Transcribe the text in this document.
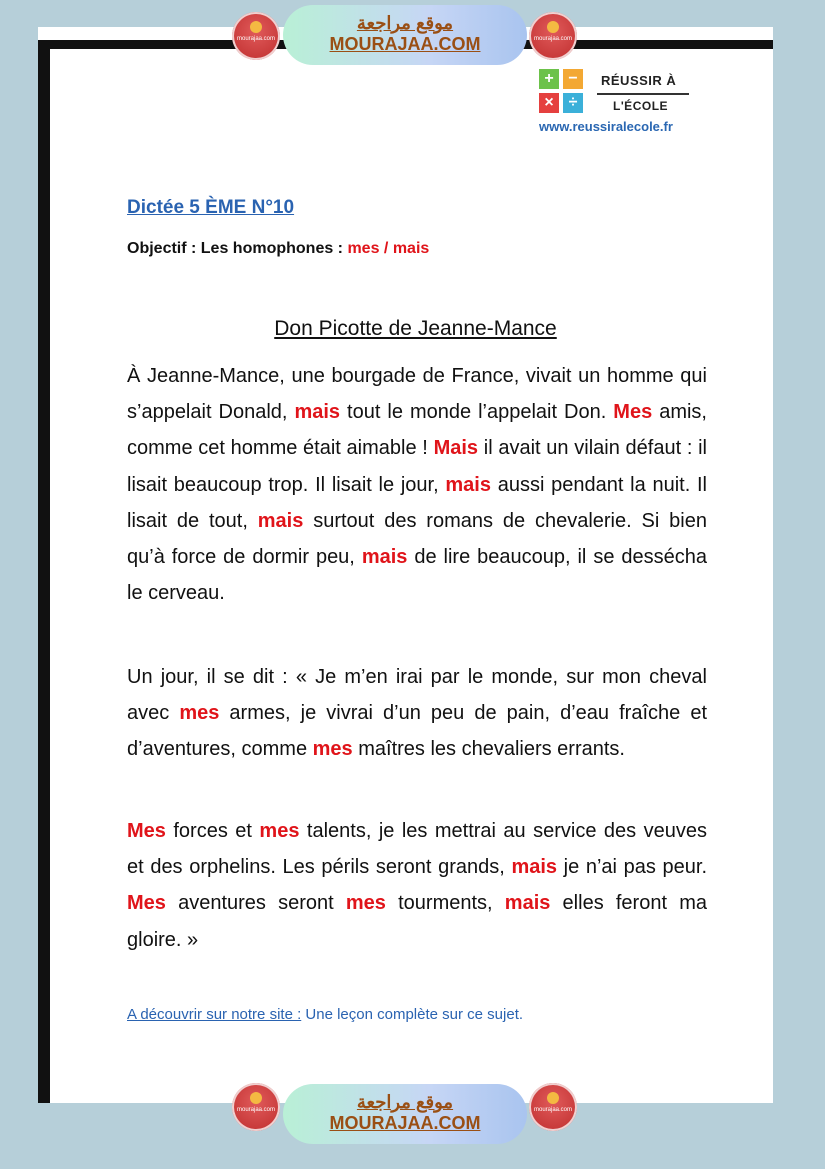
mourajaa.com
موقع مراجعة
MOURAJAA.COM	mourajaa.com
+ −
× ÷
RÉUSSIR À
L'ÉCOLE
www.reussiralecole.fr
Dictée 5 ÈME N°10
Objectif : Les homophones : mes / mais
Don Picotte de Jeanne-Mance
À Jeanne-Mance, une bourgade de France, vivait un homme qui s’appelait Donald, mais tout le monde l’appelait Don. Mes amis, comme cet homme était aimable ! Mais il avait un vilain défaut : il lisait beaucoup trop. Il lisait le jour, mais aussi pendant la nuit. Il lisait de tout, mais surtout des romans de chevalerie. Si bien qu’à force de dormir peu, mais de lire beaucoup, il se dessécha le cerveau.
Un jour, il se dit : « Je m’en irai par le monde, sur mon cheval avec mes armes, je vivrai d’un peu de pain, d’eau fraîche et d’aventures, comme mes maîtres les chevaliers errants.
Mes forces et mes talents, je les mettrai au service des veuves et des orphelins. Les périls seront grands, mais je n’ai pas peur. Mes aventures seront mes tourments, mais elles feront ma gloire. »
A découvrir sur notre site : Une leçon complète sur ce sujet.
mourajaa.com	موقع مراجعة
MOURAJAA.COM
mourajaa.com
